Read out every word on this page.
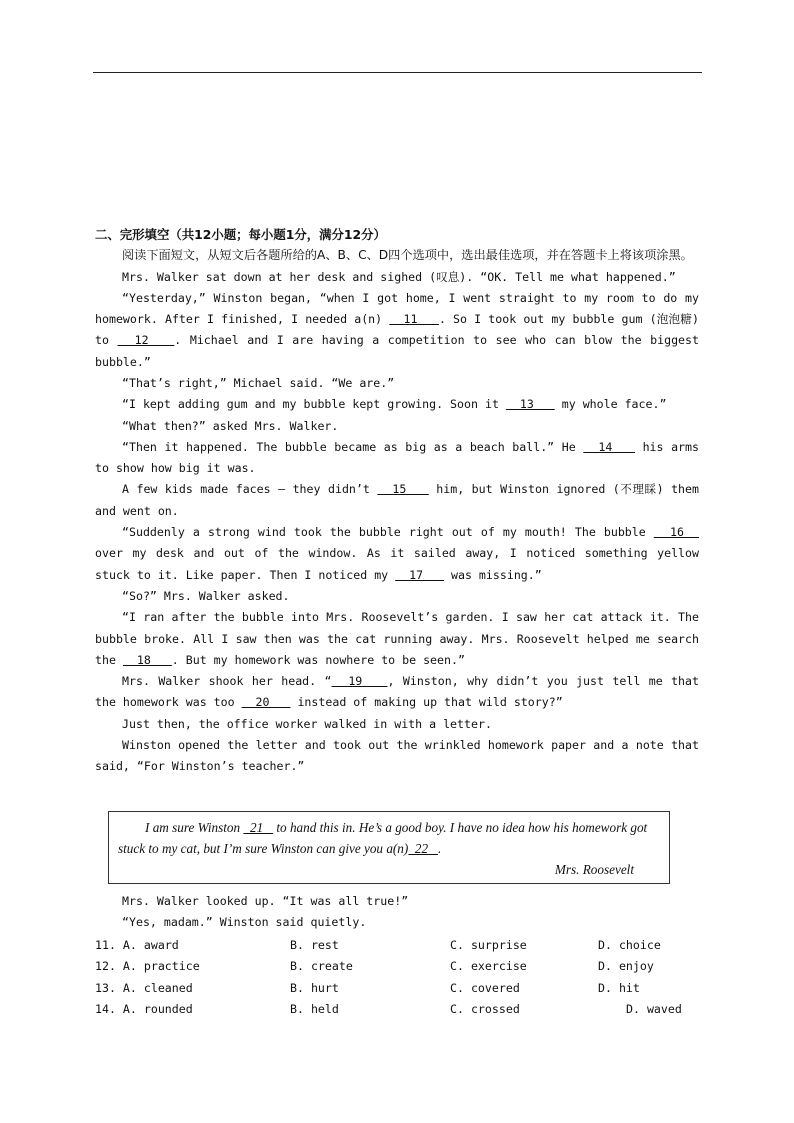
二、完形填空（共12小题；每小题1分，满分12分）

阅读下面短文，从短文后各题所给的A、B、C、D四个选项中，选出最佳选项，并在答题卡上将该项涂黑。

Mrs. Walker sat down at her desk and sighed (叹息). “OK. Tell me what happened.”

“Yesterday,” Winston began, “when I got home, I went straight to my room to do my homework. After I finished, I needed a(n)   11   . So I took out my bubble gum (泡泡糖) to   12   . Michael and I are having a competition to see who can blow the biggest bubble.”

“That’s right,” Michael said. “We are.”

“I kept adding gum and my bubble kept growing. Soon it   13    my whole face.”

“What then?” asked Mrs. Walker.

“Then it happened. The bubble became as big as a beach ball.” He   14    his arms to show how big it was.

A few kids made faces — they didn’t   15    him, but Winston ignored (不理睬) them and went on.

“Suddenly a strong wind took the bubble right out of my mouth! The bubble   16   over my desk and out of the window. As it sailed away, I noticed something yellow stuck to it. Like paper. Then I noticed my   17    was missing.”

“So?” Mrs. Walker asked.

“I ran after the bubble into Mrs. Roosevelt’s garden. I saw her cat attack it. The bubble broke. All I saw then was the cat running away. Mrs. Roosevelt helped me search the   18   . But my homework was nowhere to be seen.”

Mrs. Walker shook her head. “  19   , Winston, why didn’t you just tell me that the homework was too   20    instead of making up that wild story?”

Just then, the office worker walked in with a letter.

Winston opened the letter and took out the wrinkled homework paper and a note that said, “For Winston’s teacher.”

I am sure Winston   21    to hand this in. He’s a good boy. I have no idea how his homework got stuck to my cat, but I’m sure Winston can give you a(n)  22   .

Mrs. Roosevelt

Mrs. Walker looked up. “It was all true!”

“Yes, madam.” Winston said quietly.

11. A. award	B. rest	C. surprise	D. choice
12. A. practice	B. create	C. exercise	D. enjoy
13. A. cleaned	B. hurt	C. covered	D. hit
14. A. rounded	B. held	C. crossed	D. waved
